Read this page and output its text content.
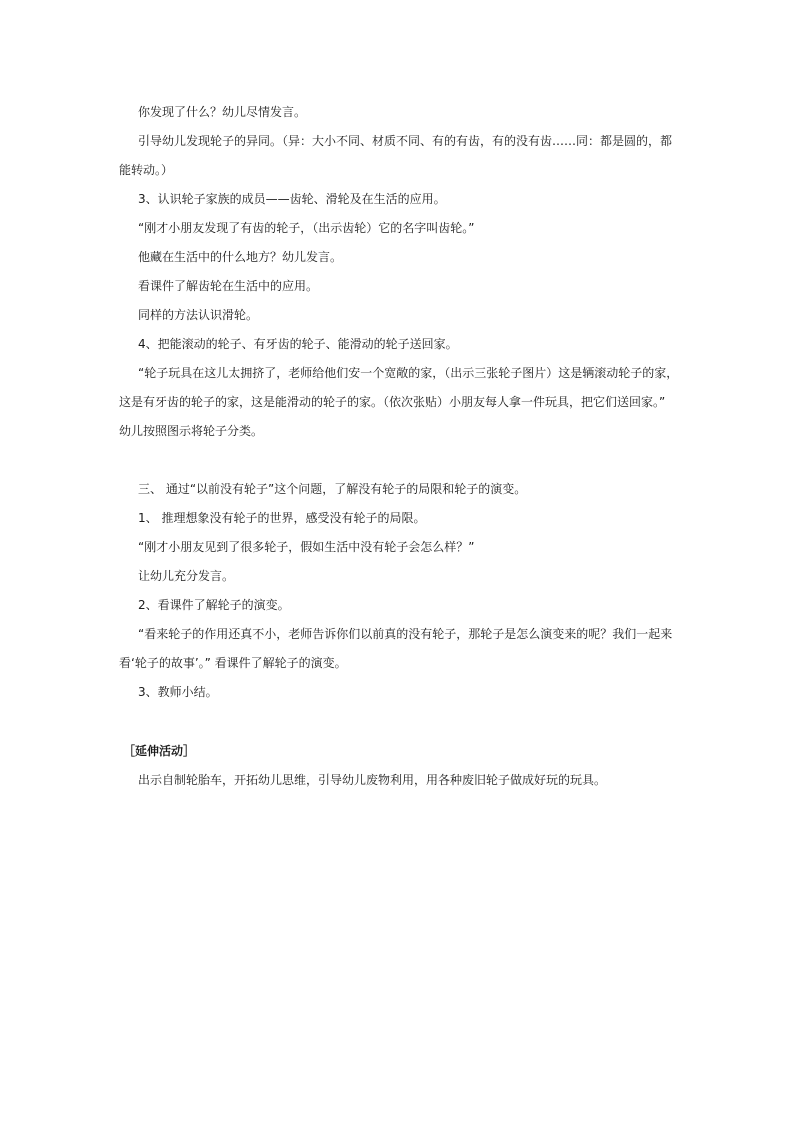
你发现了什么？幼儿尽情发言。
引导幼儿发现轮子的异同。（异：大小不同、材质不同、有的有齿，有的没有齿……同：都是圆的，都
能转动。）
3、认识轮子家族的成员——齿轮、滑轮及在生活的应用。
“刚才小朋友发现了有齿的轮子，（出示齿轮）它的名字叫齿轮。”
他藏在生活中的什么地方？幼儿发言。
看课件了解齿轮在生活中的应用。
同样的方法认识滑轮。
4、把能滚动的轮子、有牙齿的轮子、能滑动的轮子送回家。
“轮子玩具在这儿太拥挤了，老师给他们安一个宽敞的家，（出示三张轮子图片）这是辆滚动轮子的家，
这是有牙齿的轮子的家，这是能滑动的轮子的家。（依次张贴）小朋友每人拿一件玩具，把它们送回家。”
幼儿按照图示将轮子分类。
三、 通过“以前没有轮子”这个问题，了解没有轮子的局限和轮子的演变。
1、 推理想象没有轮子的世界，感受没有轮子的局限。
“刚才小朋友见到了很多轮子，假如生活中没有轮子会怎么样？”
让幼儿充分发言。
2、看课件了解轮子的演变。
“看来轮子的作用还真不小，老师告诉你们以前真的没有轮子，那轮子是怎么演变来的呢？我们一起来
看‘轮子的故事’。” 看课件了解轮子的演变。
3、教师小结。
［延伸活动］
出示自制轮胎车，开拓幼儿思维，引导幼儿废物利用，用各种废旧轮子做成好玩的玩具。
